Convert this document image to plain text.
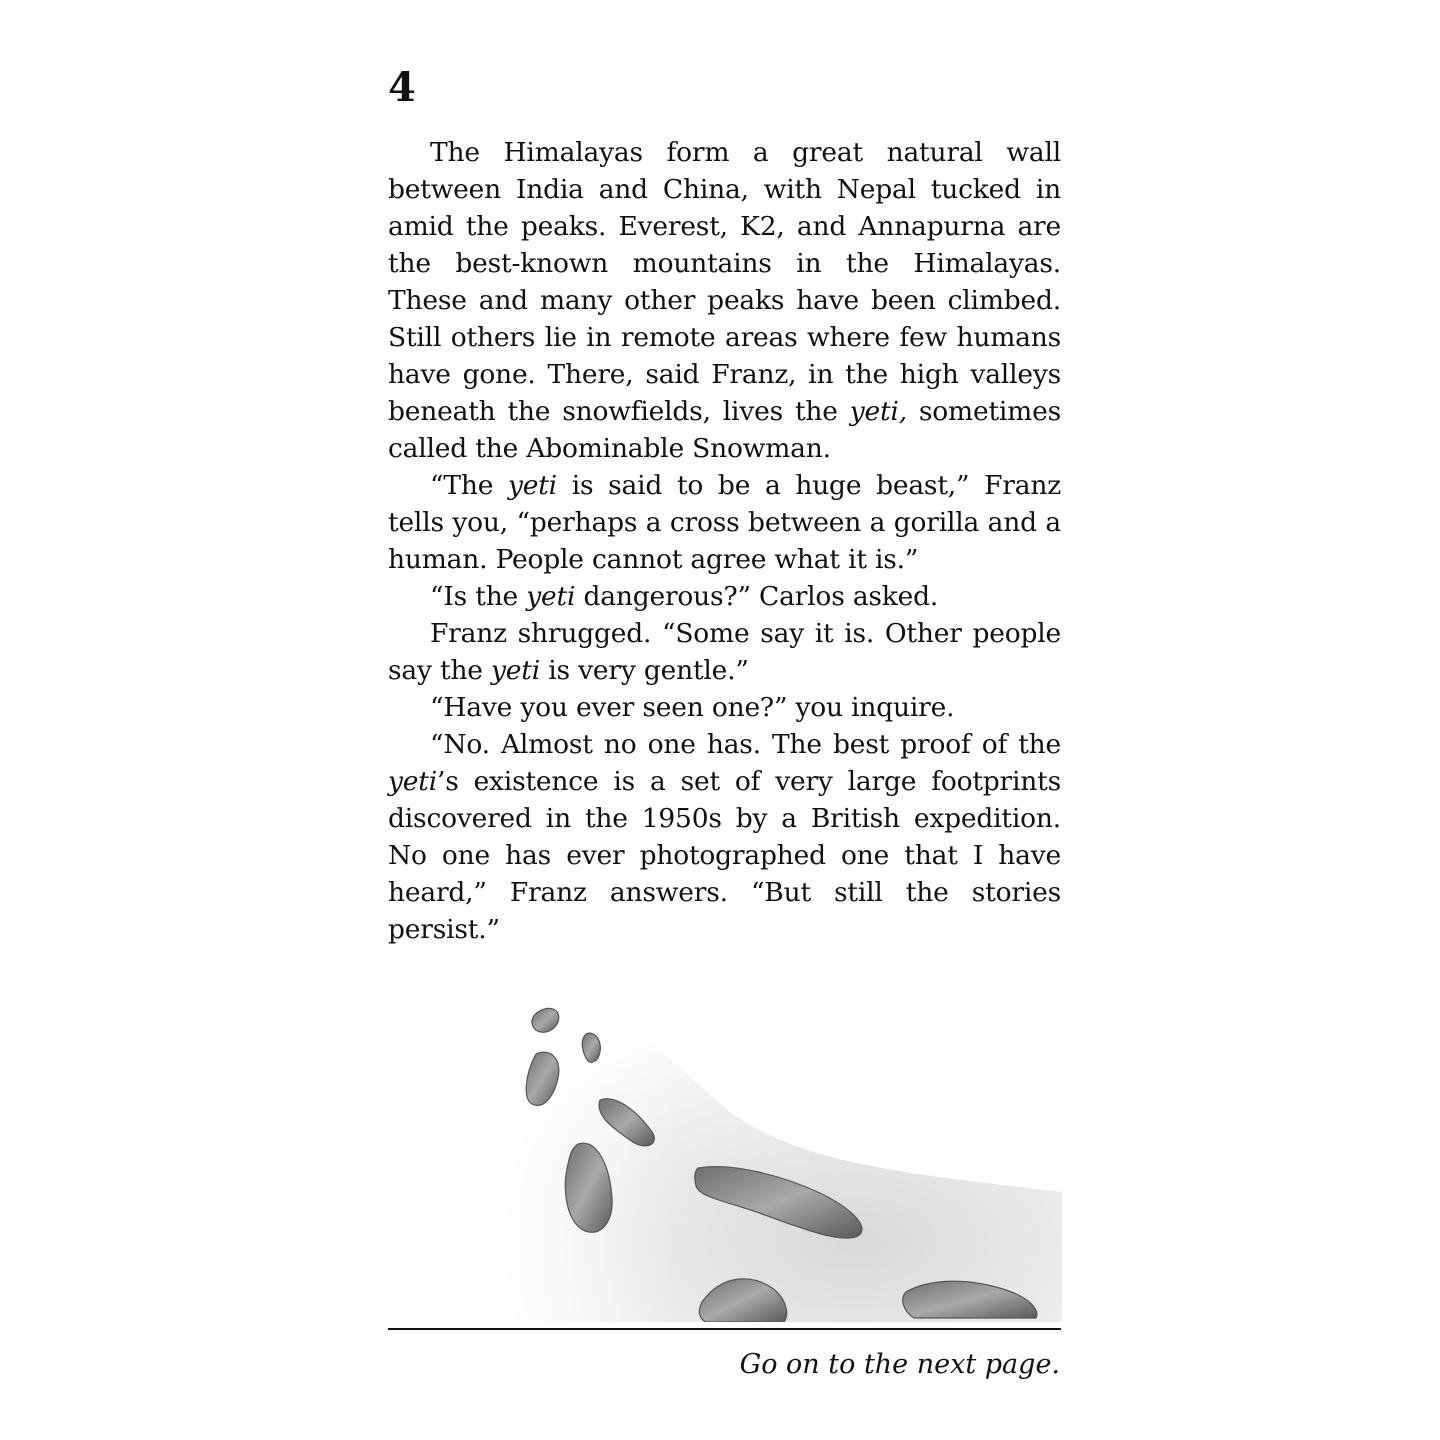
4

The Himalayas form a great natural wall between India and China, with Nepal tucked in amid the peaks. Everest, K2, and Annapurna are the best-known mountains in the Himalayas. These and many other peaks have been climbed. Still others lie in remote areas where few humans have gone. There, said Franz, in the high valleys beneath the snowfields, lives the yeti, sometimes called the Abominable Snowman.

“The yeti is said to be a huge beast,” Franz tells you, “perhaps a cross between a gorilla and a human. People cannot agree what it is.”

“Is the yeti dangerous?” Carlos asked.

Franz shrugged. “Some say it is. Other people say the yeti is very gentle.”

“Have you ever seen one?” you inquire.

“No. Almost no one has. The best proof of the yeti’s existence is a set of very large footprints discovered in the 1950s by a British expedition. No one has ever photographed one that I have heard,” Franz answers. “But still the stories persist.”

Go on to the next page.
